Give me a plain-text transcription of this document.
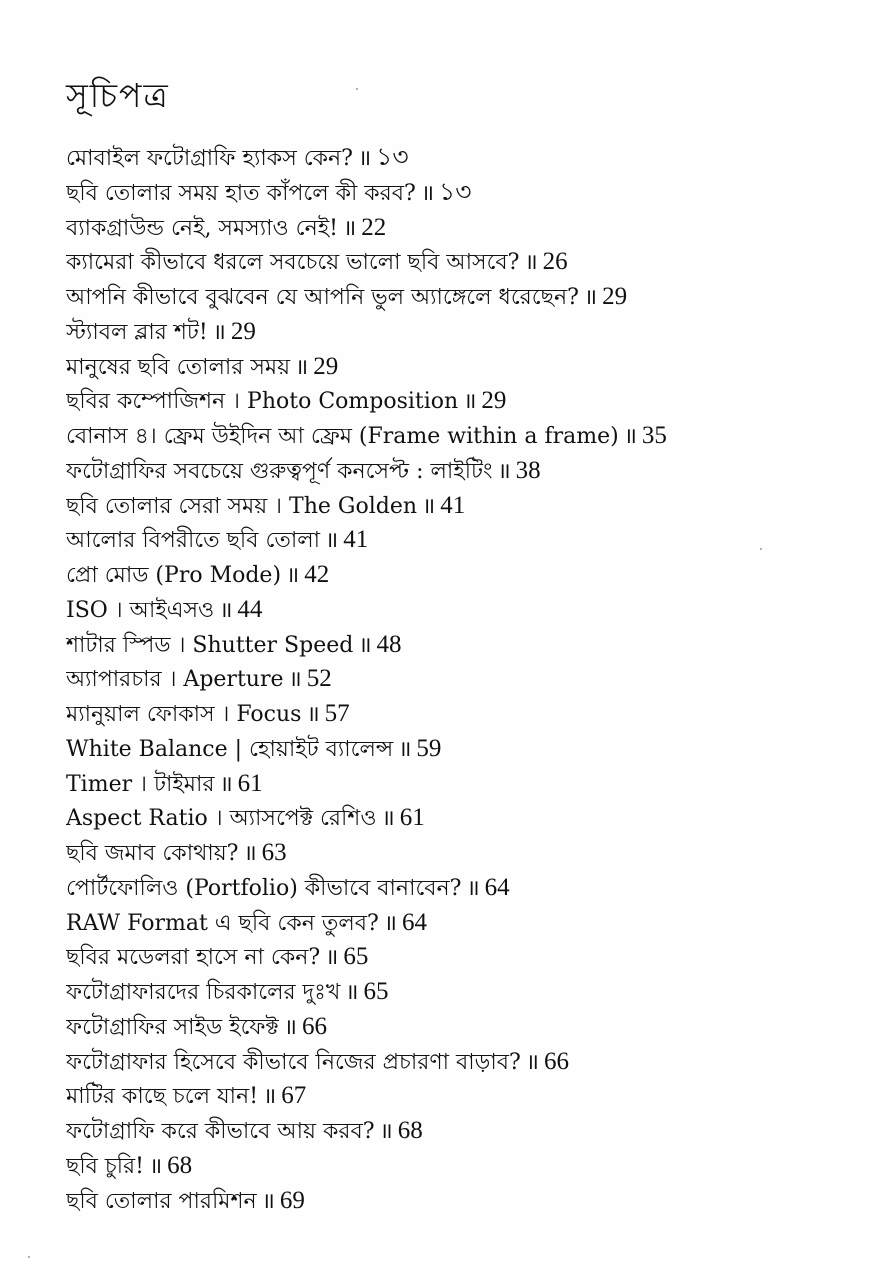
সূচিপত্র
মোবাইল ফটোগ্রাফি হ্যাকস কেন? ॥ ১৩
ছবি তোলার সময় হাত কাঁপলে কী করব? ॥ ১৩
ব্যাকগ্রাউন্ড নেই, সমস্যাও নেই! ॥ 22
ক্যামেরা কীভাবে ধরলে সবচেয়ে ভালো ছবি আসবে? ॥ 26
আপনি কীভাবে বুঝবেন যে আপনি ভুল অ্যাঙ্গেলে ধরেছেন? ॥ 29
স্ট্যাবল ব্লার শট! ॥ 29
মানুষের ছবি তোলার সময় ॥ 29
ছবির কম্পোজিশন । Photo Composition ॥ 29
বোনাস ৪। ফ্রেম উইদিন আ ফ্রেম (Frame within a frame) ॥ 35
ফটোগ্রাফির সবচেয়ে গুরুত্বপূর্ণ কনসেপ্ট : লাইটিং ॥ 38
ছবি তোলার সেরা সময় । The Golden ॥ 41
আলোর বিপরীতে ছবি তোলা ॥ 41
প্রো মোড (Pro Mode) ॥ 42
ISO । আইএসও ॥ 44
শাটার স্পিড । Shutter Speed ॥ 48
অ্যাপারচার । Aperture ॥ 52
ম্যানুয়াল ফোকাস । Focus ॥ 57
White Balance | হোয়াইট ব্যালেন্স ॥ 59
Timer । টাইমার ॥ 61
Aspect Ratio । অ্যাসপেক্ট রেশিও ॥ 61
ছবি জমাব কোথায়? ॥ 63
পোর্টফোলিও (Portfolio) কীভাবে বানাবেন? ॥ 64
RAW Format এ ছবি কেন তুলব? ॥ 64
ছবির মডেলরা হাসে না কেন? ॥ 65
ফটোগ্রাফারদের চিরকালের দুঃখ ॥ 65
ফটোগ্রাফির সাইড ইফেক্ট ॥ 66
ফটোগ্রাফার হিসেবে কীভাবে নিজের প্রচারণা বাড়াব? ॥ 66
মাটির কাছে চলে যান! ॥ 67
ফটোগ্রাফি করে কীভাবে আয় করব? ॥ 68
ছবি চুরি! ॥ 68
ছবি তোলার পারমিশন ॥ 69
